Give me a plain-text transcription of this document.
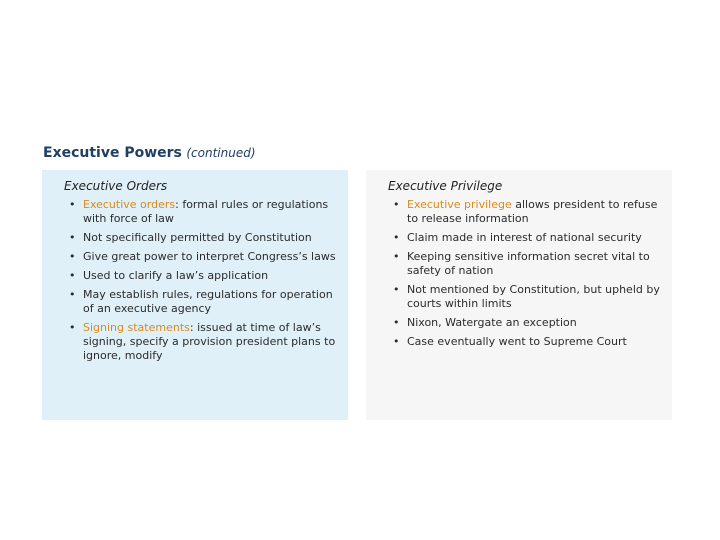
Executive Powers (continued)
Executive Orders
• Executive orders: formal rules or regulations with force of law
• Not specifically permitted by Constitution
• Give great power to interpret Congress’s laws
• Used to clarify a law’s application
• May establish rules, regulations for operation of an executive agency
• Signing statements: issued at time of law’s signing, specify a provision president plans to ignore, modify
Executive Privilege
• Executive privilege allows president to refuse to release information
• Claim made in interest of national security
• Keeping sensitive information secret vital to safety of nation
• Not mentioned by Constitution, but upheld by courts within limits
• Nixon, Watergate an exception
• Case eventually went to Supreme Court
